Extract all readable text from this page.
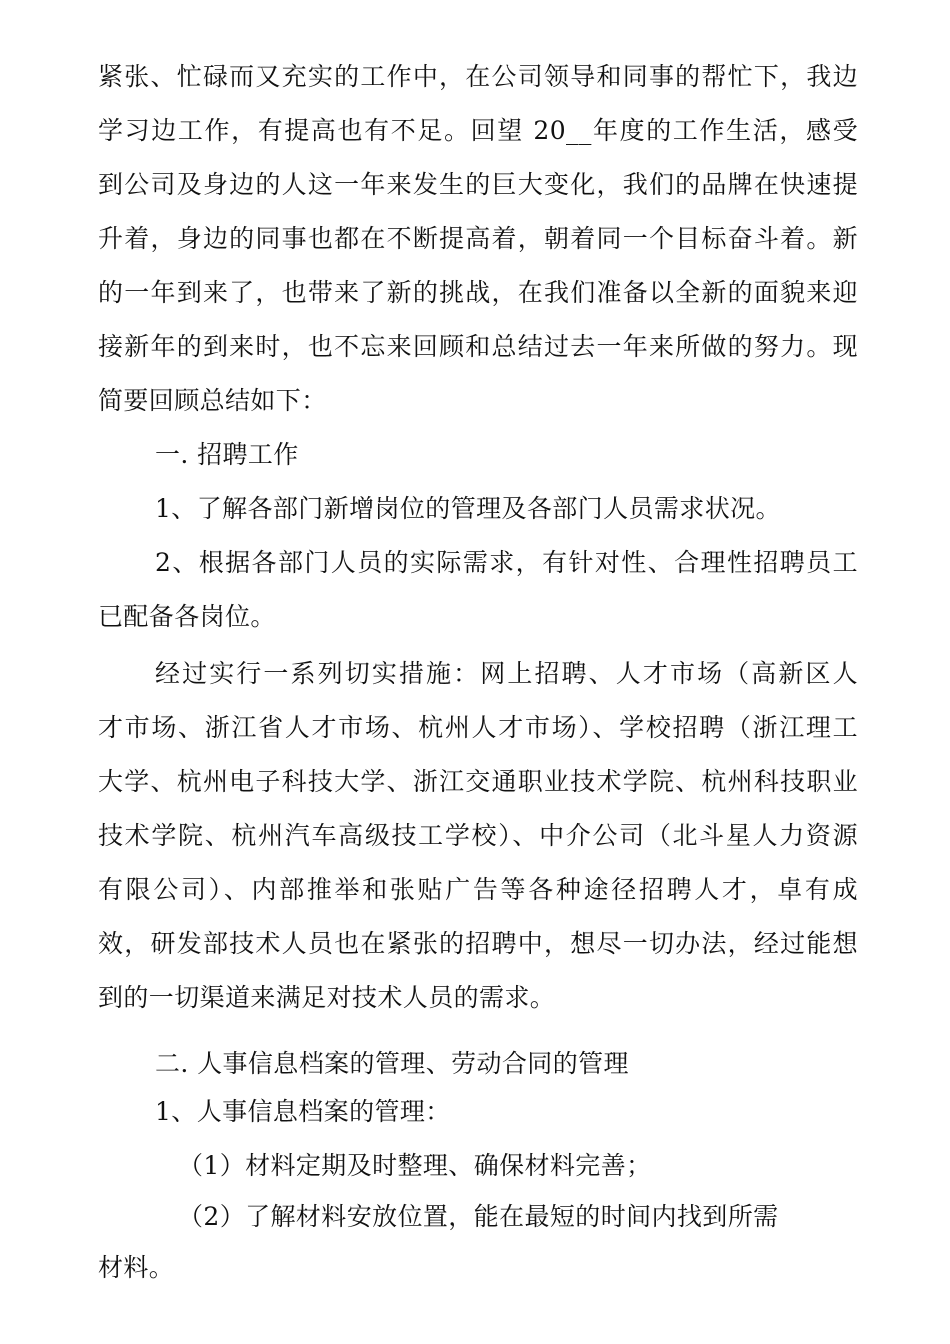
紧张、忙碌而又充实的工作中，在公司领导和同事的帮忙下，我边
学习边工作，有提高也有不足。回望 20__年度的工作生活，感受
到公司及身边的人这一年来发生的巨大变化，我们的品牌在快速提
升着，身边的同事也都在不断提高着，朝着同一个目标奋斗着。新
的一年到来了，也带来了新的挑战，在我们准备以全新的面貌来迎
接新年的到来时，也不忘来回顾和总结过去一年来所做的努力。现
简要回顾总结如下：
一. 招聘工作
1、了解各部门新增岗位的管理及各部门人员需求状况。
2、根据各部门人员的实际需求，有针对性、合理性招聘员工
已配备各岗位。
经过实行一系列切实措施：网上招聘、人才市场（高新区人
才市场、浙江省人才市场、杭州人才市场）、学校招聘（浙江理工
大学、杭州电子科技大学、浙江交通职业技术学院、杭州科技职业
技术学院、杭州汽车高级技工学校）、中介公司（北斗星人力资源
有限公司）、内部推举和张贴广告等各种途径招聘人才，卓有成
效，研发部技术人员也在紧张的招聘中，想尽一切办法，经过能想
到的一切渠道来满足对技术人员的需求。
二. 人事信息档案的管理、劳动合同的管理
1、人事信息档案的管理：
（1）材料定期及时整理、确保材料完善；
（2）了解材料安放位置，能在最短的时间内找到所需
材料。
